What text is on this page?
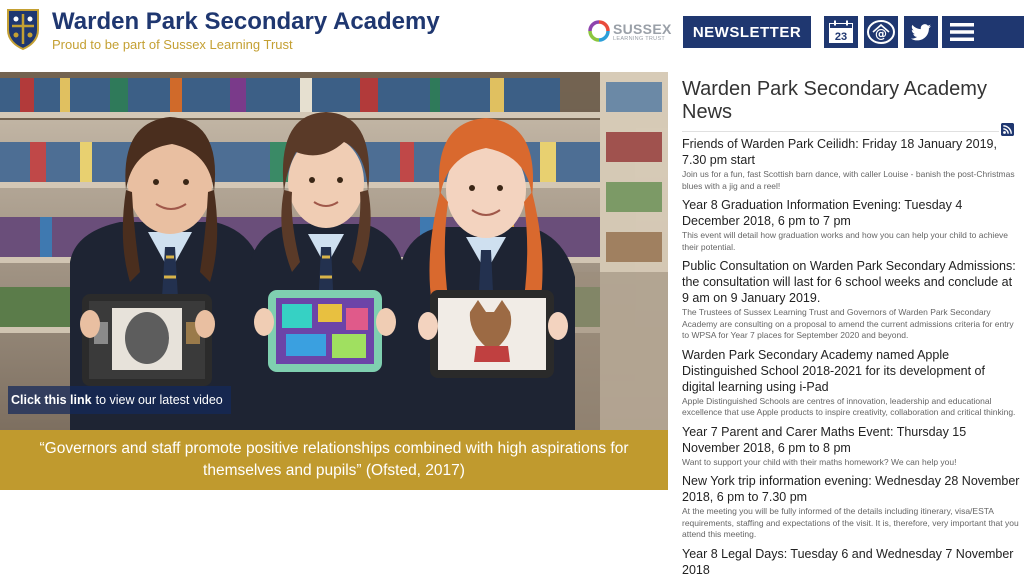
Warden Park Secondary Academy
Proud to be part of Sussex Learning Trust
SUSSEX
LEARNING TRUST	NEWSLETTER	23 @
Click this link to view our latest video
“Governors and staff promote positive relationships combined with high aspirations for themselves and pupils” (Ofsted, 2017)
Warden Park Secondary Academy News
Friends of Warden Park Ceilidh: Friday 18 January 2019, 7.30 pm start
Join us for a fun, fast Scottish barn dance, with caller Louise - banish the post-Christmas blues with a jig and a reel!
Year 8 Graduation Information Evening: Tuesday 4 December 2018, 6 pm to 7 pm
This event will detail how graduation works and how you can help your child to achieve their potential.
Public Consultation on Warden Park Secondary Admissions: the consultation will last for 6 school weeks and conclude at 9 am on 9 January 2019.
The Trustees of Sussex Learning Trust and Governors of Warden Park Secondary Academy are consulting on a proposal to amend the current admissions criteria for entry to WPSA for Year 7 places for September 2020 and beyond.
Warden Park Secondary Academy named Apple Distinguished School 2018-2021 for its development of digital learning using i-Pad
Apple Distinguished Schools are centres of innovation, leadership and educational excellence that use Apple products to inspire creativity, collaboration and critical thinking.
Year 7 Parent and Carer Maths Event: Thursday 15 November 2018, 6 pm to 8 pm
Want to support your child with their maths homework? We can help you!
New York trip information evening: Wednesday 28 November 2018, 6 pm to 7.30 pm
At the meeting you will be fully informed of the details including itinerary, visa/ESTA requirements, staffing and expectations of the visit. It is, therefore, very important that you attend this meeting.
Year 8 Legal Days: Tuesday 6 and Wednesday 7 November 2018
